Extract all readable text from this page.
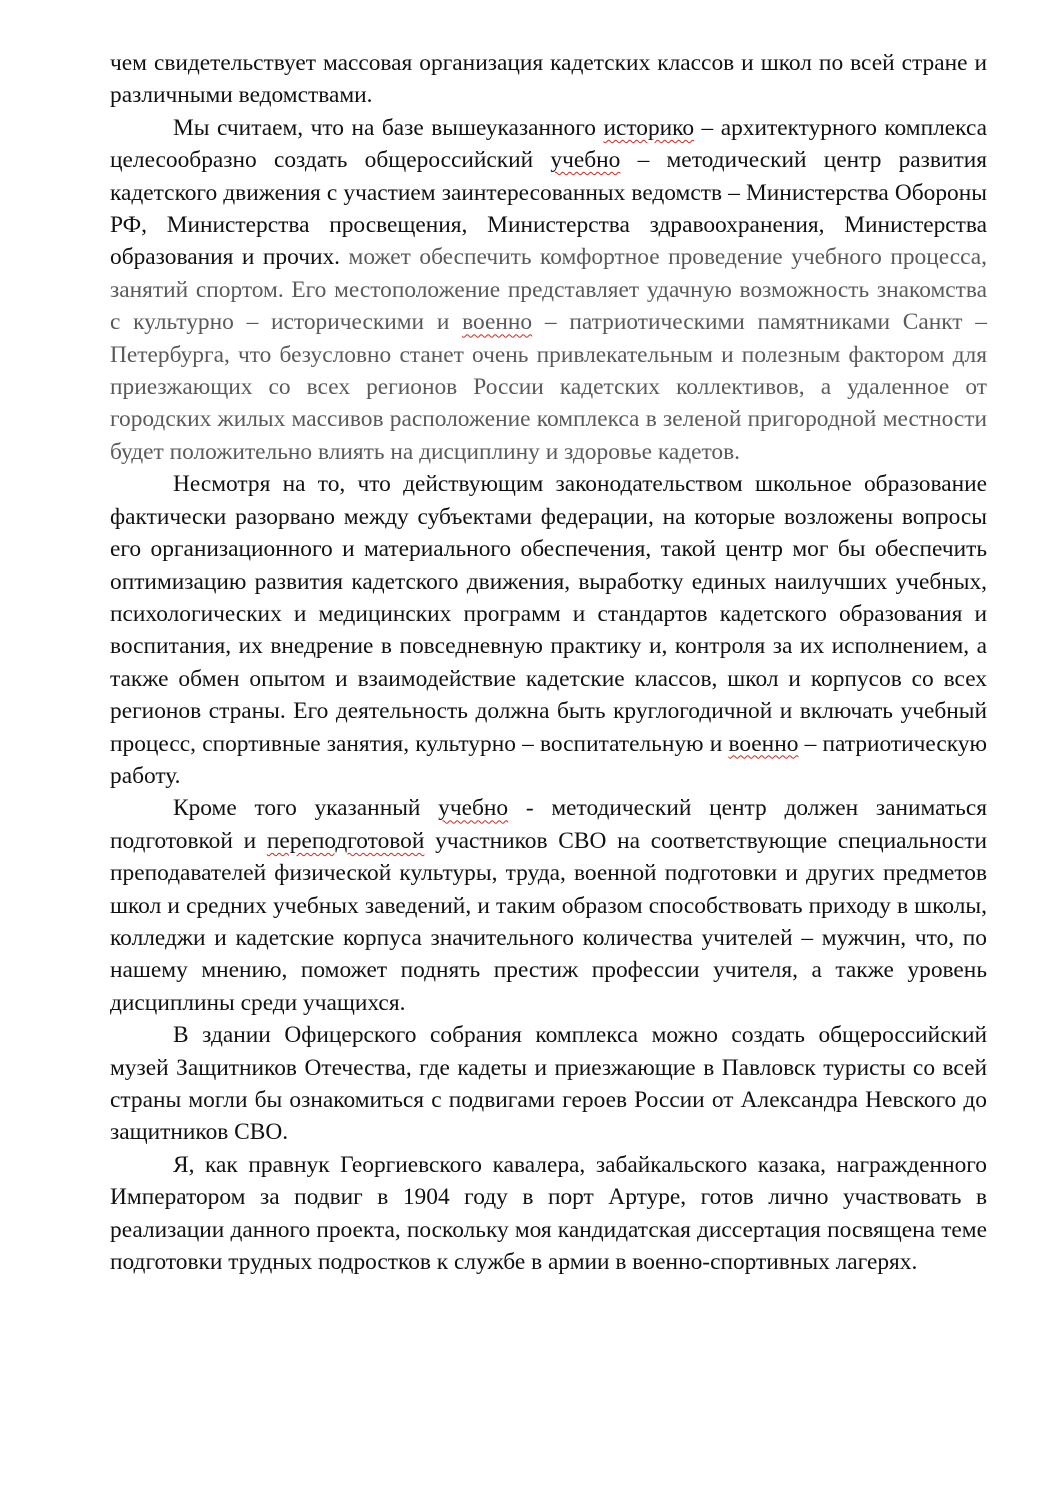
чем свидетельствует массовая организация кадетских классов и школ по всей стране и различными ведомствами.

Мы считаем, что на базе вышеуказанного историко – архитектурного комплекса целесообразно создать общероссийский учебно – методический центр развития кадетского движения с участием заинтересованных ведомств – Министерства Обороны РФ, Министерства просвещения, Министерства здравоохранения, Министерства образования и прочих. может обеспечить комфортное проведение учебного процесса, занятий спортом. Его местоположение представляет удачную возможность знакомства с культурно – историческими и военно – патриотическими памятниками Санкт – Петербурга, что безусловно станет очень привлекательным и полезным фактором для приезжающих со всех регионов России кадетских коллективов, а удаленное от городских жилых массивов расположение комплекса в зеленой пригородной местности будет положительно влиять на дисциплину и здоровье кадетов.

Несмотря на то, что действующим законодательством школьное образование фактически разорвано между субъектами федерации, на которые возложены вопросы его организационного и материального обеспечения, такой центр мог бы обеспечить оптимизацию развития кадетского движения, выработку единых наилучших учебных, психологических и медицинских программ и стандартов кадетского образования и воспитания, их внедрение в повседневную практику и, контроля за их исполнением, а также обмен опытом и взаимодействие кадетские классов, школ и корпусов со всех регионов страны. Его деятельность должна быть круглогодичной и включать учебный процесс, спортивные занятия, культурно – воспитательную и военно – патриотическую работу.

Кроме того указанный учебно - методический центр должен заниматься подготовкой и переподготовой участников СВО на соответствующие специальности преподавателей физической культуры, труда, военной подготовки и других предметов школ и средних учебных заведений, и таким образом способствовать приходу в школы, колледжи и кадетские корпуса значительного количества учителей – мужчин, что, по нашему мнению, поможет поднять престиж профессии учителя, а также уровень дисциплины среди учащихся.

В здании Офицерского собрания комплекса можно создать общероссийский музей Защитников Отечества, где кадеты и приезжающие в Павловск туристы со всей страны могли бы ознакомиться с подвигами героев России от Александра Невского до защитников СВО.

Я, как правнук Георгиевского кавалера, забайкальского казака, награжденного Императором за подвиг в 1904 году в порт Артуре, готов лично участвовать в реализации данного проекта, поскольку моя кандидатская диссертация посвящена теме подготовки трудных подростков к службе в армии в военно-спортивных лагерях.
